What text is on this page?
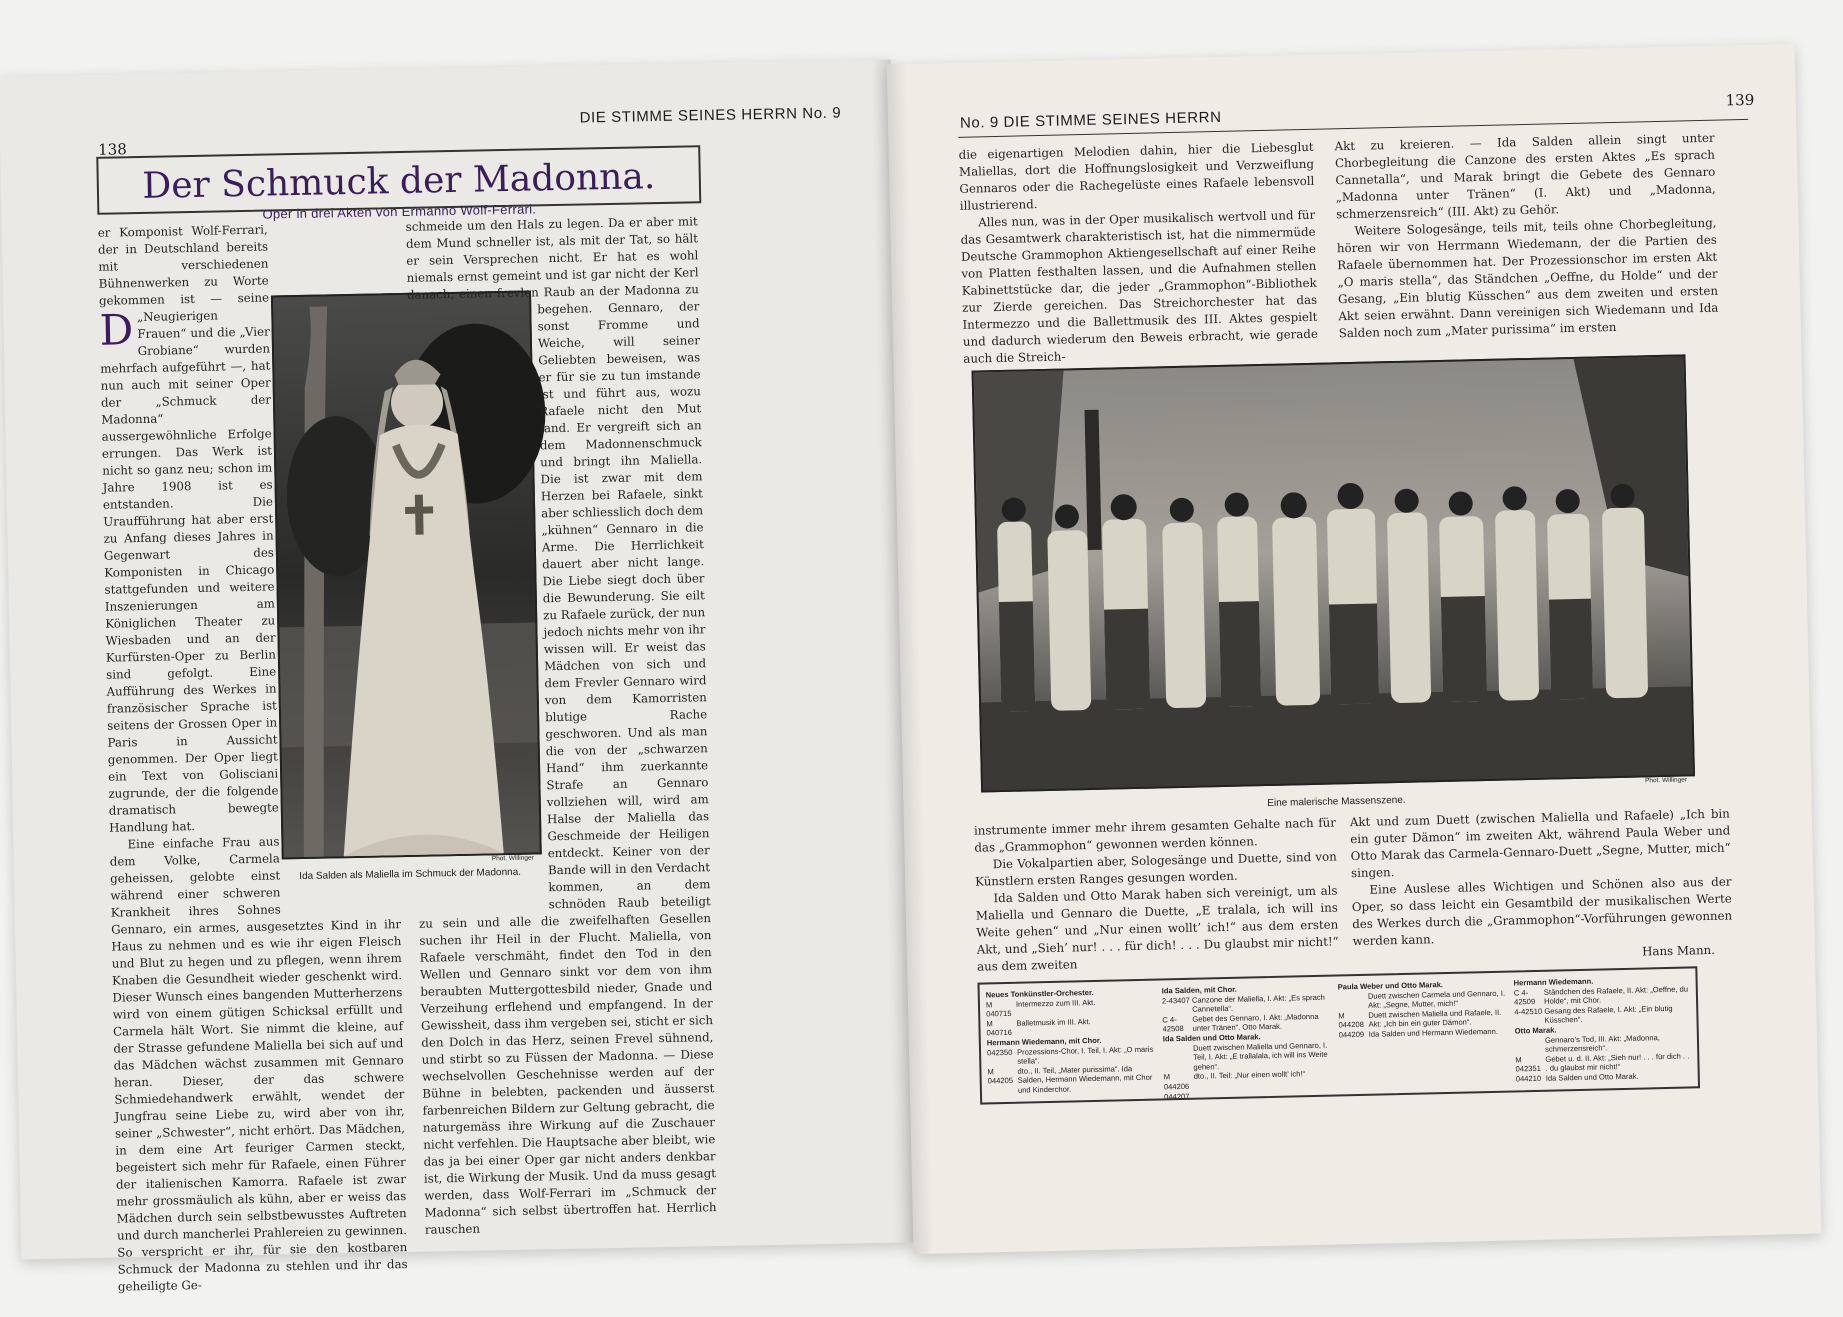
DIE STIMME SEINES HERRN No. 9
138
Der Schmuck der Madonna.
Oper in drei Akten von Ermanno Wolf-Ferrari.
Phot. Willinger
Ida Salden als Maliella im Schmuck der Madonna.

D
er Komponist Wolf-Ferrari, der in Deutschland bereits mit verschiedenen Bühnenwerken zu Worte gekommen ist — seine „Neugierigen Frauen“ und die „Vier Grobiane“ wurden mehrfach aufgeführt —, hat nun auch mit seiner Oper der „Schmuck der Madonna“ aussergewöhnliche Erfolge errungen. Das Werk ist nicht so ganz neu; schon im Jahre 1908 ist es entstanden. Die Uraufführung hat aber erst zu Anfang dieses Jahres in Gegenwart des Komponisten in Chicago stattgefunden und weitere Inszenierungen am Königlichen Theater zu Wiesbaden und an der Kurfürsten-Oper zu Berlin sind gefolgt. Eine Aufführung des Werkes in französischer Sprache ist seitens der Grossen Oper in Paris in Aussicht genommen. Der Oper liegt ein Text von Golisciani zugrunde, der die folgende dramatisch bewegte Handlung hat.

Eine einfache Frau aus dem Volke, Carmela geheissen, gelobte einst während einer schweren Krankheit ihres Sohnes Gennaro, ein armes, ausgesetztes Kind in ihr Haus zu nehmen und es wie ihr eigen Fleisch und Blut zu hegen und zu pflegen, wenn ihrem Knaben die Gesundheit wieder geschenkt wird. Dieser Wunsch eines bangenden Mutterherzens wird von einem gütigen Schicksal erfüllt und Carmela hält Wort. Sie nimmt die kleine, auf der Strasse gefundene Maliella bei sich auf und das Mädchen wächst zusammen mit Gennaro heran. Dieser, der das schwere Schmiedehandwerk erwählt, wendet der Jungfrau seine Liebe zu, wird aber von ihr, seiner „Schwester“, nicht erhört. Das Mädchen, in dem eine Art feuriger Carmen steckt, begeistert sich mehr für Rafaele, einen Führer der italienischen Kamorra. Rafaele ist zwar mehr grossmäulich als kühn, aber er weiss das Mädchen durch sein selbstbewusstes Auftreten und durch mancherlei Prahlereien zu gewinnen. So verspricht er ihr, für sie den kostbaren Schmuck der Madonna zu stehlen und ihr das geheiligte Ge-

schmeide um den Hals zu legen. Da er aber mit dem Mund schneller ist, als mit der Tat, so hält er sein Versprechen nicht. Er hat es wohl niemals ernst gemeint und ist gar nicht der Kerl danach, einen frevlen Raub an der Madonna zu begehen. Gennaro, der sonst Fromme und Weiche, will seiner Geliebten beweisen, was er für sie zu tun imstande ist und führt aus, wozu Rafaele nicht den Mut fand. Er vergreift sich an dem Madonnenschmuck und bringt ihn Maliella. Die ist zwar mit dem Herzen bei Rafaele, sinkt aber schliesslich doch dem „kühnen“ Gennaro in die Arme. Die Herrlichkeit dauert aber nicht lange. Die Liebe siegt doch über die Bewunderung. Sie eilt zu Rafaele zurück, der nun jedoch nichts mehr von ihr wissen will. Er weist das Mädchen von sich und dem Frevler Gennaro wird von dem Kamorristen blutige Rache geschworen. Und als man die von der „schwarzen Hand“ ihm zuerkannte Strafe an Gennaro vollziehen will, wird am Halse der Maliella das Geschmeide der Heiligen entdeckt. Keiner von der Bande will in den Verdacht kommen, an dem schnöden Raub beteiligt zu sein und alle die zweifelhaften Gesellen suchen ihr Heil in der Flucht. Maliella, von Rafaele verschmäht, findet den Tod in den Wellen und Gennaro sinkt vor dem von ihm beraubten Muttergottesbild nieder, Gnade und Verzeihung erflehend und empfangend. In der Gewissheit, dass ihm vergeben sei, sticht er sich den Dolch in das Herz, seinen Frevel sühnend, und stirbt so zu Füssen der Madonna. — Diese wechselvollen Geschehnisse werden auf der Bühne in belebten, packenden und äusserst farbenreichen Bildern zur Geltung gebracht, die naturgemäss ihre Wirkung auf die Zuschauer nicht verfehlen. Die Hauptsache aber bleibt, wie das ja bei einer Oper gar nicht anders denkbar ist, die Wirkung der Musik. Und da muss gesagt werden, dass Wolf-Ferrari im „Schmuck der Madonna“ sich selbst übertroffen hat. Herrlich rauschen

No. 9 DIE STIMME SEINES HERRN
139

die eigenartigen Melodien dahin, hier die Liebesglut Maliellas, dort die Hoffnungslosigkeit und Verzweiflung Gennaros oder die Rachegelüste eines Rafaele lebensvoll illustrierend.

Alles nun, was in der Oper musikalisch wertvoll und für das Gesamtwerk charakteristisch ist, hat die nimmermüde Deutsche Grammophon Aktiengesellschaft auf einer Reihe von Platten festhalten lassen, und die Aufnahmen stellen Kabinettstücke dar, die jeder „Grammophon“-Bibliothek zur Zierde gereichen. Das Streichorchester hat das Intermezzo und die Ballettmusik des III. Aktes gespielt und dadurch wiederum den Beweis erbracht, wie gerade auch die Streich-

Akt zu kreieren. — Ida Salden allein singt unter Chorbegleitung die Canzone des ersten Aktes „Es sprach Cannetalla“, und Marak bringt die Gebete des Gennaro „Madonna unter Tränen“ (I. Akt) und „Madonna, schmerzensreich“ (III. Akt) zu Gehör.

Weitere Sologesänge, teils mit, teils ohne Chorbegleitung, hören wir von Herrmann Wiedemann, der die Partien des Rafaele übernommen hat. Der Prozessionschor im ersten Akt „O maris stella“, das Ständchen „Oeffne, du Holde“ und der Gesang, „Ein blutig Küsschen“ aus dem zweiten und ersten Akt seien erwähnt. Dann vereinigen sich Wiedemann und Ida Salden noch zum „Mater purissima“ im ersten

Phot. Willinger
Eine malerische Massenszene.

instrumente immer mehr ihrem gesamten Gehalte nach für das „Grammophon“ gewonnen werden können.

Die Vokalpartien aber, Sologesänge und Duette, sind von Künstlern ersten Ranges gesungen worden.

Ida Salden und Otto Marak haben sich vereinigt, um als Maliella und Gennaro die Duette, „E tralala, ich will ins Weite gehen“ und „Nur einen wollt’ ich!“ aus dem ersten Akt, und „Sieh’ nur! . . . für dich! . . . Du glaubst mir nicht!“ aus dem zweiten

Akt und zum Duett (zwischen Maliella und Rafaele) „Ich bin ein guter Dämon“ im zweiten Akt, während Paula Weber und Otto Marak das Carmela-Gennaro-Duett „Segne, Mutter, mich“ singen.

Eine Auslese alles Wichtigen und Schönen also aus der Oper, so dass leicht ein Gesamtbild der musikalischen Werte des Werkes durch die „Grammophon“-Vorführungen gewonnen werden kann.

Hans Mann.

Neues Tonkünstler-Orchester.
M 040715
Intermezzo zum III. Akt.
M 040716
Balletmusik im III. Akt.
Hermann Wiedemann, mit Chor.
042350 Prozessions-Chor, I. Teil, I. Akt: „O maris stella“.
M 044205
dto., II. Teil, „Mater purissima“. Ida Salden, Hermann Wiedemann, mit Chor und Kinderchor.
Ida Salden, mit Chor.
2-43407 Canzone der Maliella, I. Akt: „Es sprach Cannetella“.
C 4-42508
Gebet des Gennaro, I. Akt: „Madonna unter Tränen“. Otto Marak.
Ida Salden und Otto Marak.
Duett zwischen Maliella und Gennaro, I. Teil, I. Akt: „E trallalala, ich will ins Weite gehen“.
M 044206
dto., II. Teil: „Nur einen wollt’ ich!“
044207
Paula Weber und Otto Marak.
Duett zwischen Carmela und Gennaro, I. Akt: „Segne, Mutter, mich!“
M 044208
Duett zwischen Maliella und Rafaele, II. Akt: „Ich bin ein guter Dämon“.
044209 Ida Salden und Hermann Wiedemann.
Hermann Wiedemann.
C 4-42509
Ständchen des Rafaele, II. Akt: „Oeffne, du Holde“, mit Chor.
4-42510 Gesang des Rafaele, I. Akt: „Ein blutig Küsschen“.
Otto Marak.
Gennaro’s Tod, III. Akt: „Madonna, schmerzensreich“.
M 042351
Gebet u. d. II. Akt: „Sieh nur! . . . für dich . . . du glaubst mir nicht!“
044210 Ida Salden und Otto Marak.
